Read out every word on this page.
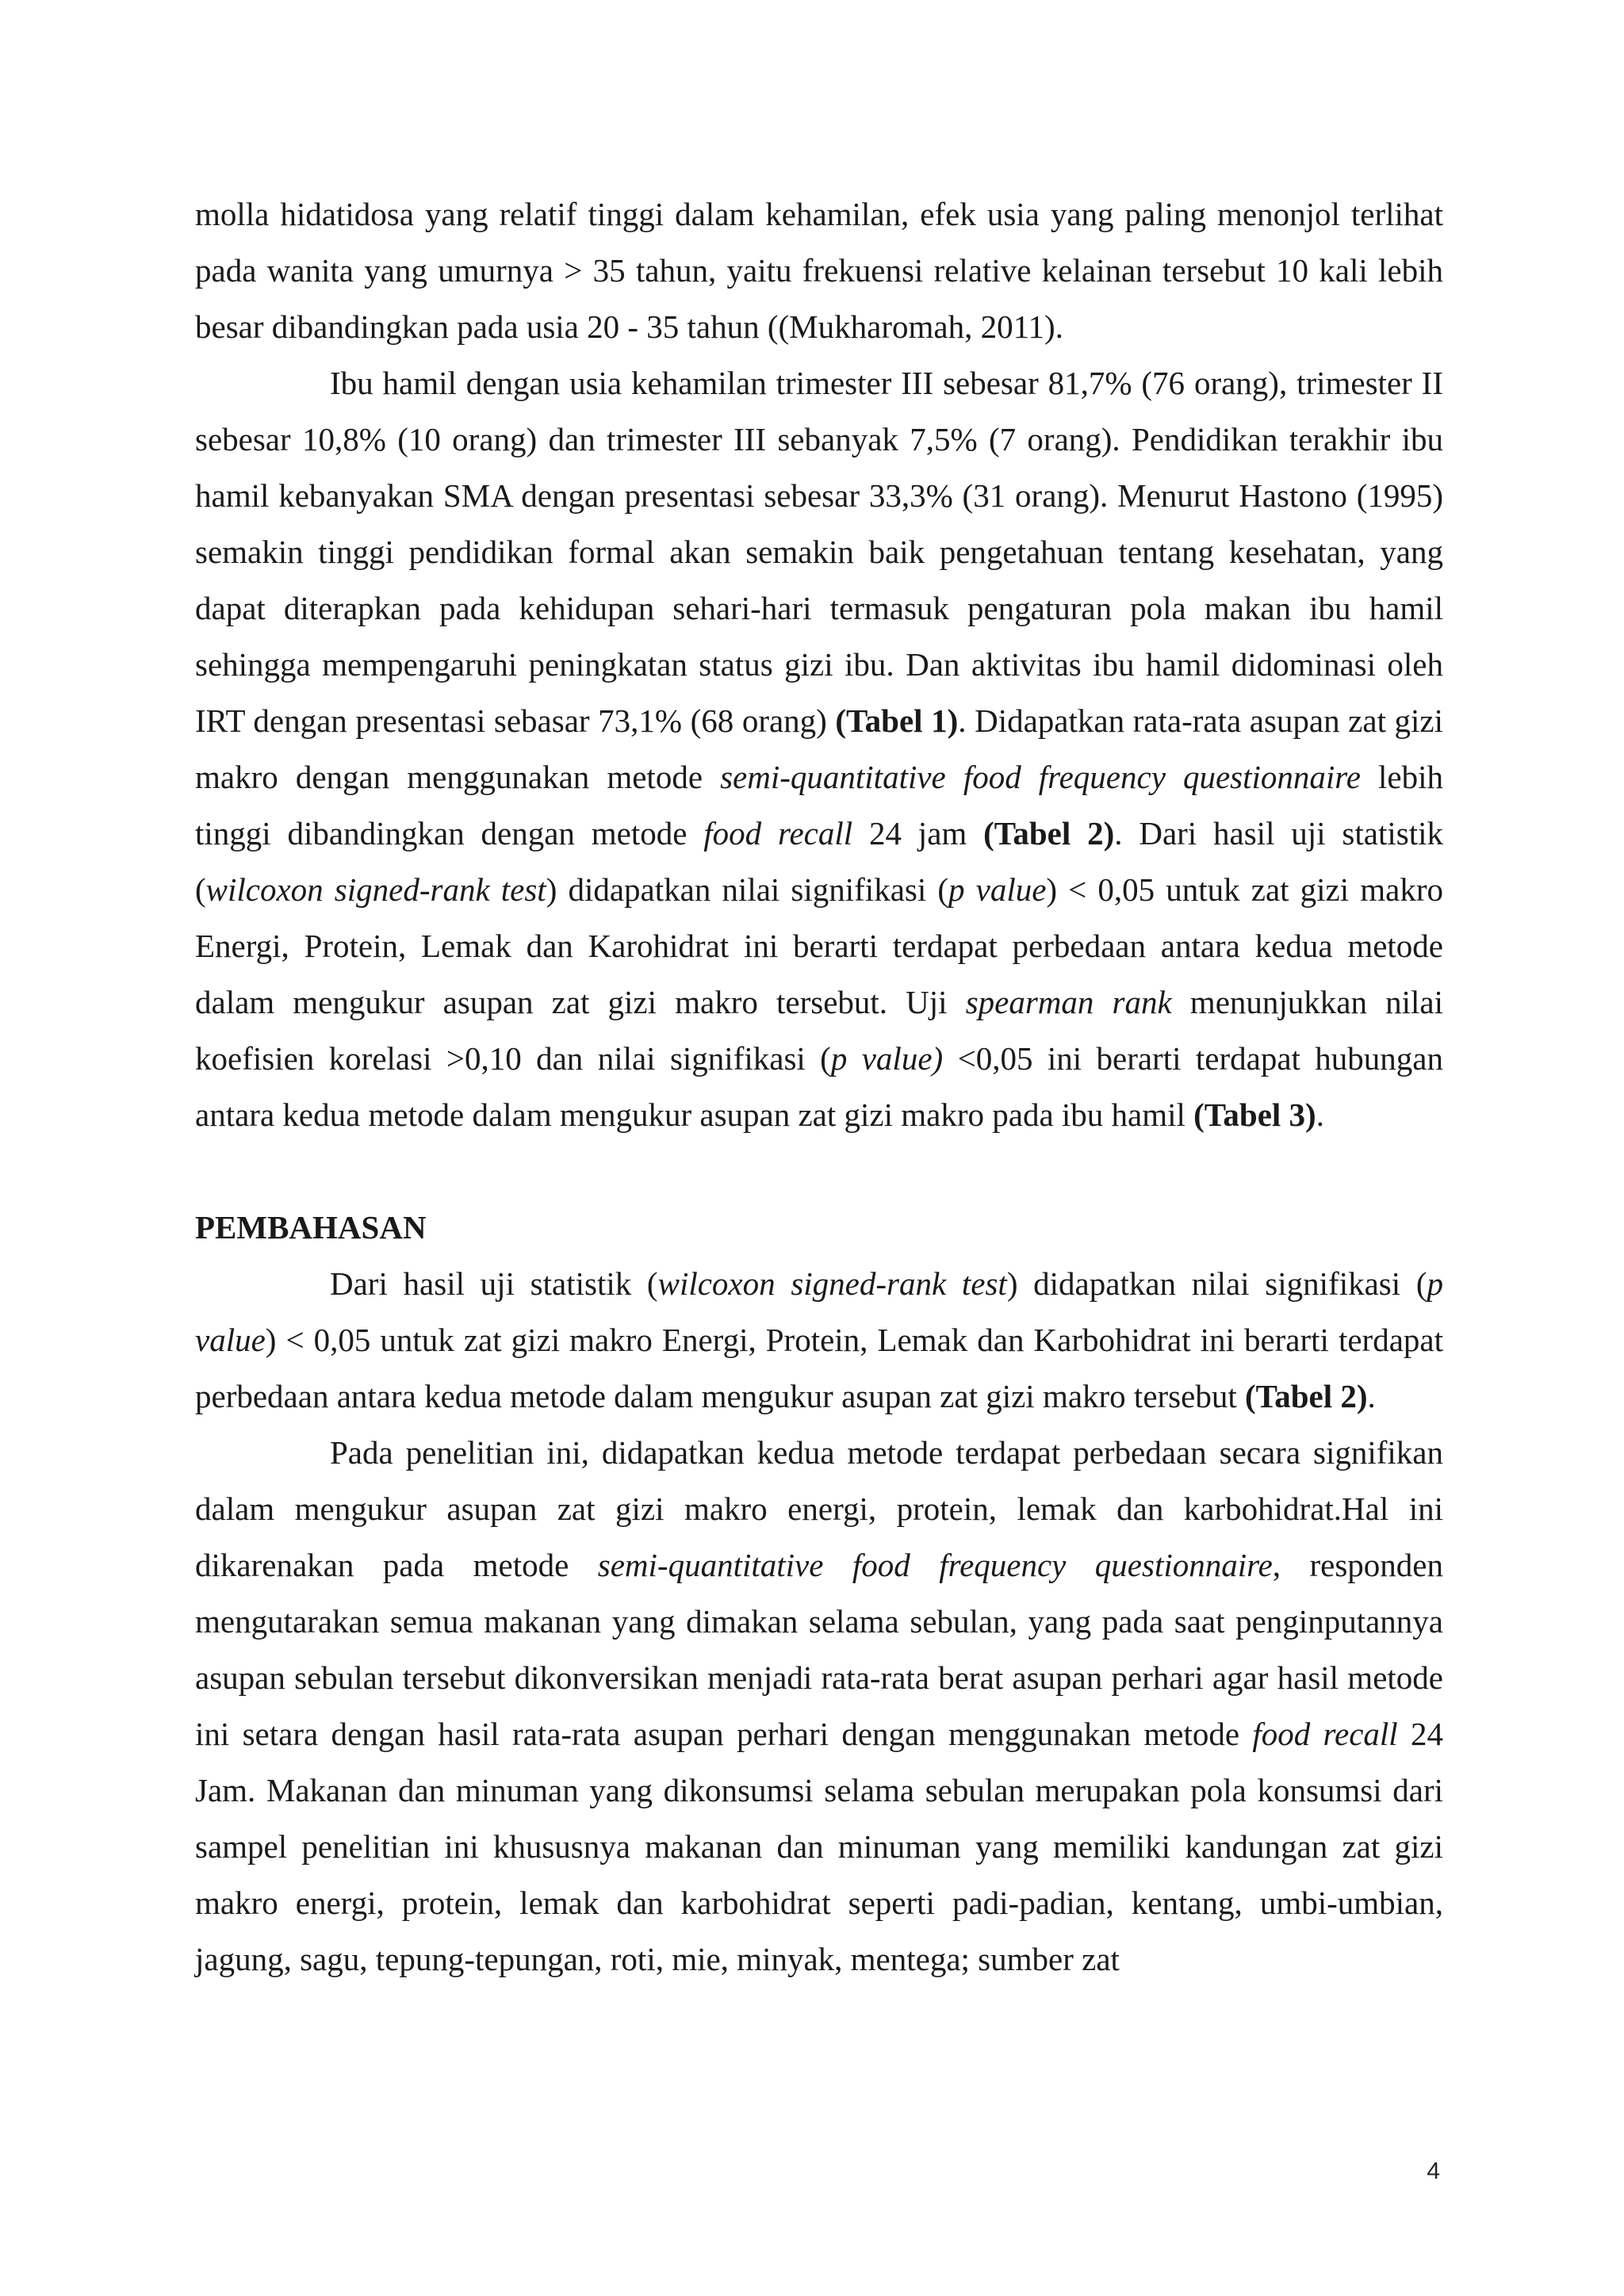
molla hidatidosa yang relatif tinggi dalam kehamilan, efek usia yang paling menonjol terlihat pada wanita yang umurnya > 35 tahun, yaitu frekuensi relative kelainan tersebut 10 kali lebih besar dibandingkan pada usia 20 - 35 tahun ((Mukharomah, 2011).

Ibu hamil dengan usia kehamilan trimester III sebesar 81,7% (76 orang), trimester II sebesar 10,8% (10 orang) dan trimester III sebanyak 7,5% (7 orang). Pendidikan terakhir ibu hamil kebanyakan SMA dengan presentasi sebesar 33,3% (31 orang). Menurut Hastono (1995) semakin tinggi pendidikan formal akan semakin baik pengetahuan tentang kesehatan, yang dapat diterapkan pada kehidupan sehari-hari termasuk pengaturan pola makan ibu hamil sehingga mempengaruhi peningkatan status gizi ibu. Dan aktivitas ibu hamil didominasi oleh IRT dengan presentasi sebasar 73,1% (68 orang) (Tabel 1). Didapatkan rata-rata asupan zat gizi makro dengan menggunakan metode semi-quantitative food frequency questionnaire lebih tinggi dibandingkan dengan metode food recall 24 jam (Tabel 2). Dari hasil uji statistik (wilcoxon signed-rank test) didapatkan nilai signifikasi (p value) < 0,05 untuk zat gizi makro Energi, Protein, Lemak dan Karohidrat ini berarti terdapat perbedaan antara kedua metode dalam mengukur asupan zat gizi makro tersebut. Uji spearman rank menunjukkan nilai koefisien korelasi >0,10 dan nilai signifikasi (p value) <0,05 ini berarti terdapat hubungan antara kedua metode dalam mengukur asupan zat gizi makro pada ibu hamil (Tabel 3).

PEMBAHASAN

Dari hasil uji statistik (wilcoxon signed-rank test) didapatkan nilai signifikasi (p value) < 0,05 untuk zat gizi makro Energi, Protein, Lemak dan Karbohidrat ini berarti terdapat perbedaan antara kedua metode dalam mengukur asupan zat gizi makro tersebut (Tabel 2).

Pada penelitian ini, didapatkan kedua metode terdapat perbedaan secara signifikan dalam mengukur asupan zat gizi makro energi, protein, lemak dan karbohidrat.Hal ini dikarenakan pada metode semi-quantitative food frequency questionnaire, responden mengutarakan semua makanan yang dimakan selama sebulan, yang pada saat penginputannya asupan sebulan tersebut dikonversikan menjadi rata-rata berat asupan perhari agar hasil metode ini setara dengan hasil rata-rata asupan perhari dengan menggunakan metode food recall 24 Jam. Makanan dan minuman yang dikonsumsi selama sebulan merupakan pola konsumsi dari sampel penelitian ini khususnya makanan dan minuman yang memiliki kandungan zat gizi makro energi, protein, lemak dan karbohidrat seperti padi-padian, kentang, umbi-umbian, jagung, sagu, tepung-tepungan, roti, mie, minyak, mentega; sumber zat

4
